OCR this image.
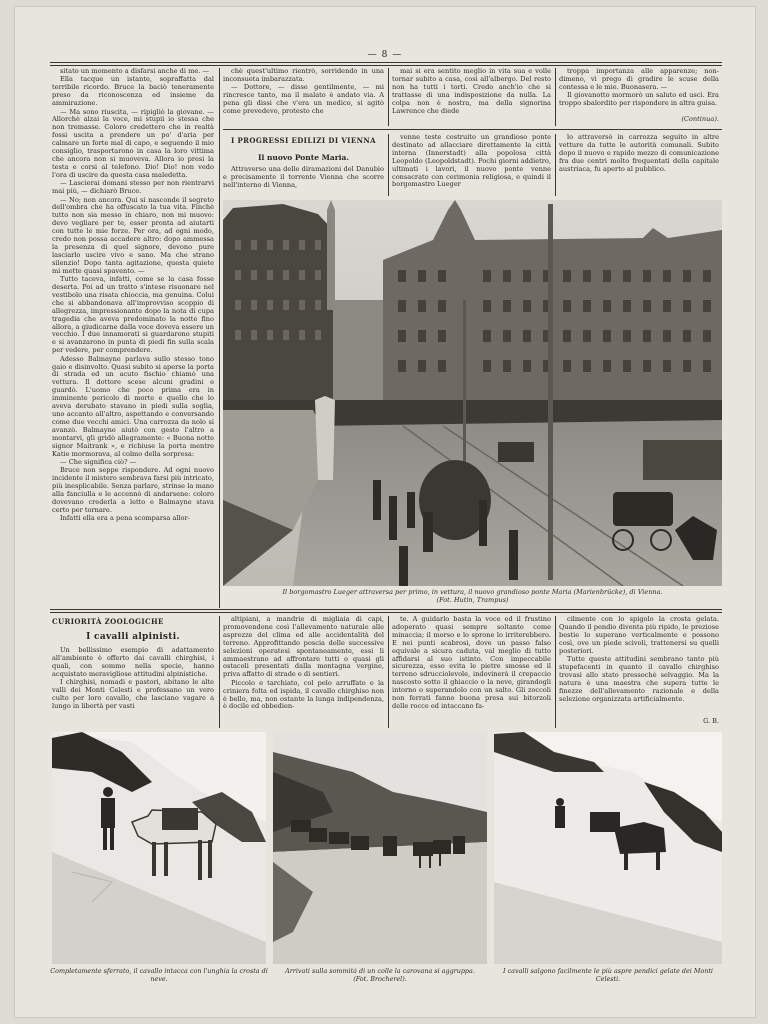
— 8 —

sitato un momento a disfarsi anche di me. —

Ella tacque un istante, sopraffatta dal terribile ricordo. Bruce la baciò teneramente preso da riconoscenza ed insieme da ammirazione.

— Ma sono riuscita, — ripigliò la giovane. — Allorchè alzai la voce, mi stupii io stessa che non tremasse. Coloro credettero che in realtà fossi uscita a prendere un po' d'aria per calmare un forte mal di capo, e seguendo il mio consiglio, trasportarono in casa la loro vittima che ancora non si muoveva. Allora io presi la testa e corsi al telefono. Dio! Dio! non vedo l'ora di uscire da questa casa maledetta.

— Lascierai domani stesso per non rientrarvi mai più, — dichiarò Bruce.

— No; non ancora. Qui si nasconde il segreto dell'ombra che ha offuscato la tua vita. Finchè tutto non sia messo in chiaro, non mi muovo: devo vegliare per te, esser pronta ad aiutarti con tutte le mie forze. Per ora, ad ogni modo, credo non possa accadere altro: dopo ammessa la presenza di quel signore, devono pure lasciarlo uscire vivo e sano. Ma che strano silenzio! Dopo tanta agitazione, questa quiete mi mette quasi spavento. —

Tutto taceva, infatti, come se la casa fosse deserta. Poi ad un tratto s'intese risuonare nel vestibolo una risata chioccia, ma genuina. Colui che si abbandonava all'improvviso scoppio di allegrezza, impressionante dopo la nota di cupa tragedia che aveva predominato la notte fino allora, a giudicarne dalla voce doveva essere un vecchio. I due innamorati si guardarono stupiti e si avanzarono in punta di piedi fin sulla scala per vedere, per comprendere.

Adesso Balmayne parlava sullo stesso tono gaio e disinvolto. Quasi subito si aperse la porta di strada ed un acuto fischio chiamò una vettura. Il dottore scese alcuni gradini e guardò. L'uomo che poco prima era in imminente pericolo di morte e quello che lo aveva derubato stavano in piedi sulla soglia, uno accanto all'altro, aspettando e conversando come due vecchi amici. Una carrozza da nolo si avanzò. Balmayne aiutò con gesto l'altro a montarvi, gli gridò allegramente: « Buona notte signor Maitrank », e richiuse la porta mentre Katie mormorava, al colmo della sorpresa:

— Che significa ciò? —

Bruce non seppe rispondere. Ad ogni nuovo incidente il mistero sembrava farsi più intricato, più inesplicabile. Senza parlare, strinse la mano alla fanciulla e le accennò di andarsene: coloro dovevano crederla a letto e Balmayne stava certo per tornare.

Infatti ella era a pena scomparsa allor-

chè quest'ultimo rientrò, sorridendo in una inconsueta imbarazzata.

— Dottore, — disse gentilmente, — mi rincresce tanto, ma il malato è andato via. A pena gli dissi che v'era un medico, si agitò come prevedevo, protesto che

mai si era sentito meglio in vita sua e volle tornar subito a casa, così all'albergo. Del resto non ha tutti i torti. Credo anch'io che si trattasse di una indisposizione da nulla. La colpa non è nostra, ma della signorina Lawrence che diede

troppa importanza alle apparenze; non-dimeno, vi prego di gradire le scuse della contessa e le mie. Buonasera. —

Il giovanotto mormorò un saluto ed uscì. Era troppo sbalordito per rispondere in altra guisa.

(Continua).
I PROGRESSI EDILIZI DI VIENNA
Il nuovo Ponte Maria.

Attraverso una delle diramazioni del Danubio e precisamente il torrente Vienna che scorre nell'interno di Vienna,

venne teste costruito un grandioso ponte destinato ad allacciare direttamente la città interna (Innerstadt) alla popolosa città Leopoldo (Leopoldstadt). Pochi giorni addietro, ultimati i lavori, il nuovo ponte venne consacrato con cerimonia religiosa, e quindi il borgomastro Lueger

lo attraversò in carrozza seguito in altre vetture da tutte le autorità comunali. Subito dopo il nuovo e rapido mezzo di comunicazione fra due centri molto frequentati della capitale austriaca, fu aperto al pubblico.

Il borgomastro Lueger attraversa per primo, in vettura, il nuovo grandioso ponte Maria (Marienbrücke), di Vienna.
(Fot. Hutin, Trampus)
CURIORITÀ ZOOLOGICHE
I cavalli alpinisti.

Un bellissimo esempio di adattamento all'ambiente è offerto dai cavalli chirghisi, i quali, con sommo nella specie, hanno acquistato meravigliose attitudini alpinistiche.

I chirghisi, nomadi e pastori, abitano le alte valli dei Monti Celesti e professano un vero culto per loro cavallo, che lasciano vagare a lungo in libertà per vasti

altipiani, a mandrie di migliaia di capi, promovendone così l'allevamento naturale alle asprezze del clima ed alle accidentalità del terreno. Approfittando poscia delle successive selezioni operatesi spontaneamente, essi li ammaestrano ad affrontare tutti o quasi gli ostacoli presentati dalla montagna vergine, priva affatto di strade e di sentieri.

Piccolo e tarchiato, col pelo arruffato e la criniera folta ed ispida, il cavallo chirghiso non è bello, ma, non ostante la lunga indipendenza, è docile ed obbedien-

te. A guidarlo basta la voce ed il frustino adoperato quasi sempre soltanto come minaccia; il morso e lo sprone lo irriterebbero. E nei punti scabrosi, dove un passo falso equivale a sicura caduta, val meglio di tutto affidarsi al suo istinto. Con impeccabile sicurezza, esso evita le pietre smosse ed il terreno sdrucciolevole, indovinerà il crepaccio nascosto sotto il ghiaccio o la neve, girandogli intorno o superandolo con un salto. Gli zoccoli non ferrati fanno buona presa sui bitorzoli delle rocce ed intaccano fa-

cilmente con lo spigolo la crosta gelata. Quando il pendio diventa più ripido, le preziose bestie lo superano verticalmente e possono così, ove un piede scivoli, trattenersi su quelli posteriori.

Tutte queste attitudini sembrano tanto più stupefacenti in quanto il cavallo chirghiso trovasi allo stato pressochè selvaggio. Ma la natura è una maestra che supera tutte le finezze dell'allevamento razionale e della selezione organizzata artificialmente.

G. B.
Completamente sferrato, il cavallo intacca con l'unghia la crosta di neve.
Arrivati sulla sommità di un colle la carovana si aggruppa.
(Fot. Brocherel).
I cavalli salgono facilmente le più aspre pendici gelate dei Monti Celesti.
